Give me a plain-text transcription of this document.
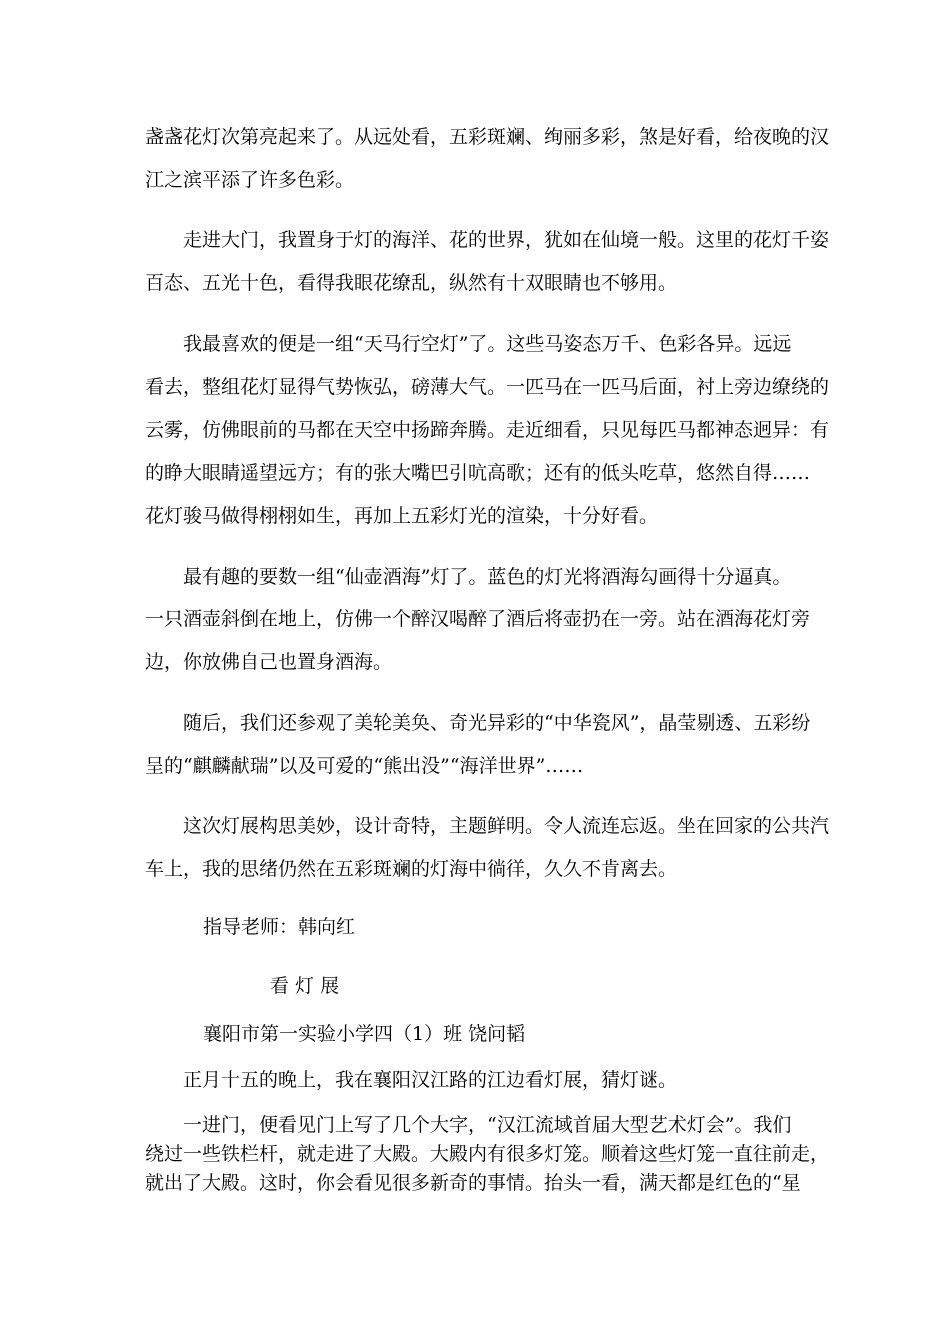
盏盏花灯次第亮起来了。从远处看，五彩斑斓、绚丽多彩，煞是好看，给夜晚的汉
江之滨平添了许多色彩。
走进大门，我置身于灯的海洋、花的世界，犹如在仙境一般。这里的花灯千姿
百态、五光十色，看得我眼花缭乱，纵然有十双眼睛也不够用。
我最喜欢的便是一组“天马行空灯”了。这些马姿态万千、色彩各异。远远
看去，整组花灯显得气势恢弘，磅薄大气。一匹马在一匹马后面，衬上旁边缭绕的
云雾，仿佛眼前的马都在天空中扬蹄奔腾。走近细看，只见每匹马都神态迥异：有
的睁大眼睛遥望远方；有的张大嘴巴引吭高歌；还有的低头吃草，悠然自得……
花灯骏马做得栩栩如生，再加上五彩灯光的渲染，十分好看。
最有趣的要数一组“仙壶酒海”灯了。蓝色的灯光将酒海勾画得十分逼真。
一只酒壶斜倒在地上，仿佛一个醉汉喝醉了酒后将壶扔在一旁。站在酒海花灯旁
边，你放佛自己也置身酒海。
随后，我们还参观了美轮美奂、奇光异彩的“中华瓷风”，晶莹剔透、五彩纷
呈的“麒麟献瑞”以及可爱的“熊出没”“海洋世界”……
这次灯展构思美妙，设计奇特，主题鲜明。令人流连忘返。坐在回家的公共汽
车上，我的思绪仍然在五彩斑斓的灯海中徜徉，久久不肯离去。
指导老师：韩向红
看 灯 展
襄阳市第一实验小学四（1）班 饶问韬
正月十五的晚上，我在襄阳汉江路的江边看灯展，猜灯谜。
一进门，便看见门上写了几个大字，“汉江流域首届大型艺术灯会”。我们
绕过一些铁栏杆，就走进了大殿。大殿内有很多灯笼。顺着这些灯笼一直往前走，
就出了大殿。这时，你会看见很多新奇的事情。抬头一看，满天都是红色的“星
